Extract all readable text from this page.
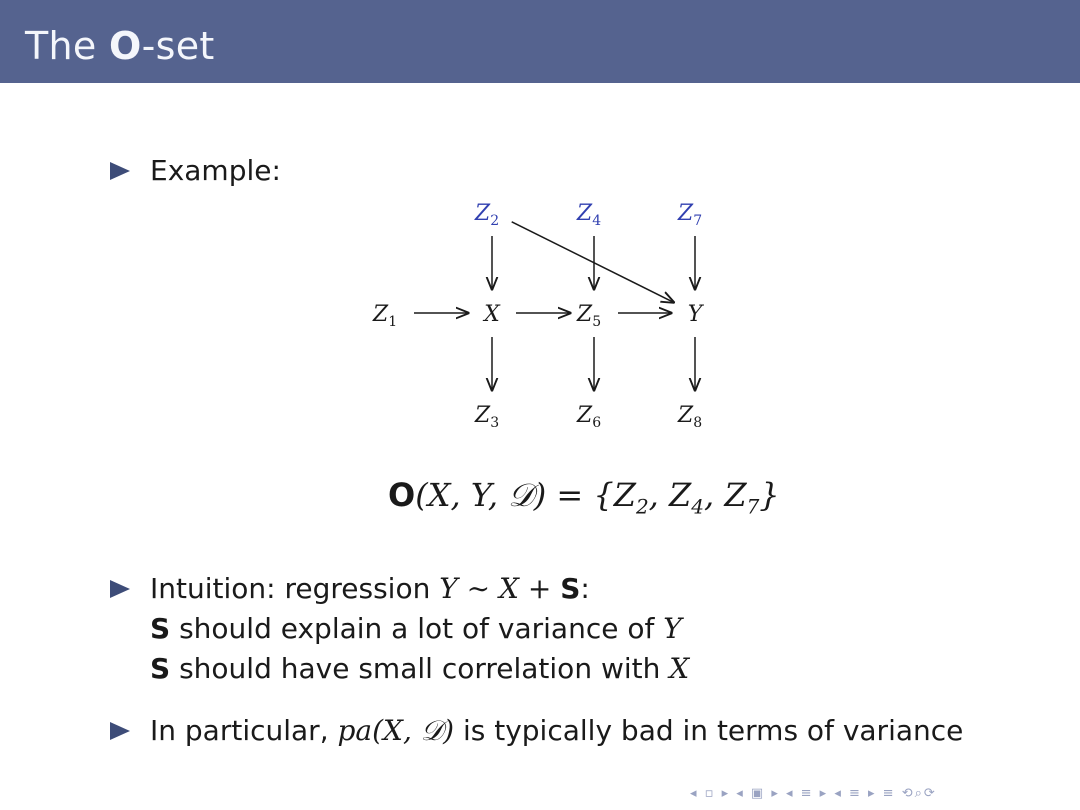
The O-set
Example:
$Z_2$	$Z_4$	$Z_7$
$Z_1$	X	$Z_5$	Y
$Z_3$	$Z_6$	$Z_8$
O(X, Y, 𝒟) = {$Z_2$, $Z_4$, $Z_7$}
Intuition: regression Y ∼ X + S:
S should explain a lot of variance of Y
S should have small correlation with X
In particular, pa(X, 𝒟) is typically bad in terms of variance
◂ ▫ ▸ ◂ ▣ ▸ ◂ ≡ ▸ ◂ ≡ ▸ ≡ ⟲⌕⟳
